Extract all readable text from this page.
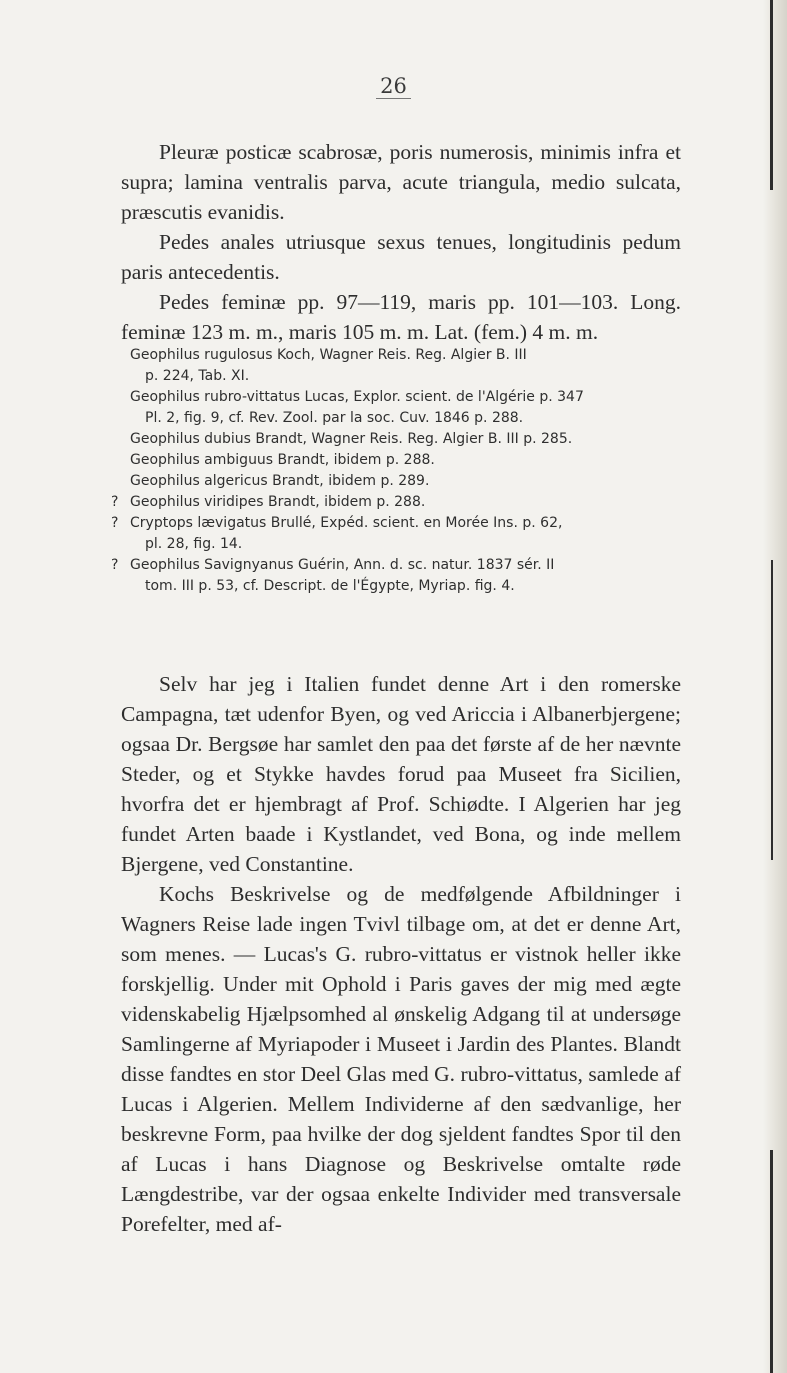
26

Pleuræ posticæ scabrosæ, poris numerosis, minimis infra et supra; lamina ventralis parva, acute triangula, medio sulcata, præscutis evanidis.

Pedes anales utriusque sexus tenues, longitudinis pedum paris antecedentis.

Pedes feminæ pp. 97—119, maris pp. 101—103. Long. feminæ 123 m. m., maris 105 m. m. Lat. (fem.) 4 m. m.

Geophilus rugulosus Koch, Wagner Reis. Reg. Algier B. III
p. 224, Tab. XI.
Geophilus rubro-vittatus Lucas, Explor. scient. de l'Algérie p. 347
Pl. 2, fig. 9, cf. Rev. Zool. par la soc. Cuv. 1846 p. 288.
Geophilus dubius Brandt, Wagner Reis. Reg. Algier B. III p. 285.
Geophilus ambiguus Brandt, ibidem p. 288.
Geophilus algericus Brandt, ibidem p. 289.
? Geophilus viridipes Brandt, ibidem p. 288.
? Cryptops lævigatus Brullé, Expéd. scient. en Morée Ins. p. 62,
pl. 28, fig. 14.
? Geophilus Savignyanus Guérin, Ann. d. sc. natur. 1837 sér. II
tom. III p. 53, cf. Descript. de l'Égypte, Myriap. fig. 4.

Selv har jeg i Italien fundet denne Art i den romerske Campagna, tæt udenfor Byen, og ved Ariccia i Albanerbjergene; ogsaa Dr. Bergsøe har samlet den paa det første af de her nævnte Steder, og et Stykke havdes forud paa Museet fra Sicilien, hvorfra det er hjembragt af Prof. Schiødte. I Algerien har jeg fundet Arten baade i Kystlandet, ved Bona, og inde mellem Bjergene, ved Constantine.

Kochs Beskrivelse og de medfølgende Afbildninger i Wagners Reise lade ingen Tvivl tilbage om, at det er denne Art, som menes. — Lucas's G. rubro-vittatus er vistnok heller ikke forskjellig. Under mit Ophold i Paris gaves der mig med ægte videnskabelig Hjælpsomhed al ønskelig Adgang til at undersøge Samlingerne af Myriapoder i Museet i Jardin des Plantes. Blandt disse fandtes en stor Deel Glas med G. rubro-vittatus, samlede af Lucas i Algerien. Mellem Individerne af den sædvanlige, her beskrevne Form, paa hvilke der dog sjeldent fandtes Spor til den af Lucas i hans Diagnose og Beskrivelse omtalte røde Længdestribe, var der ogsaa enkelte Individer med transversale Porefelter, med af-
